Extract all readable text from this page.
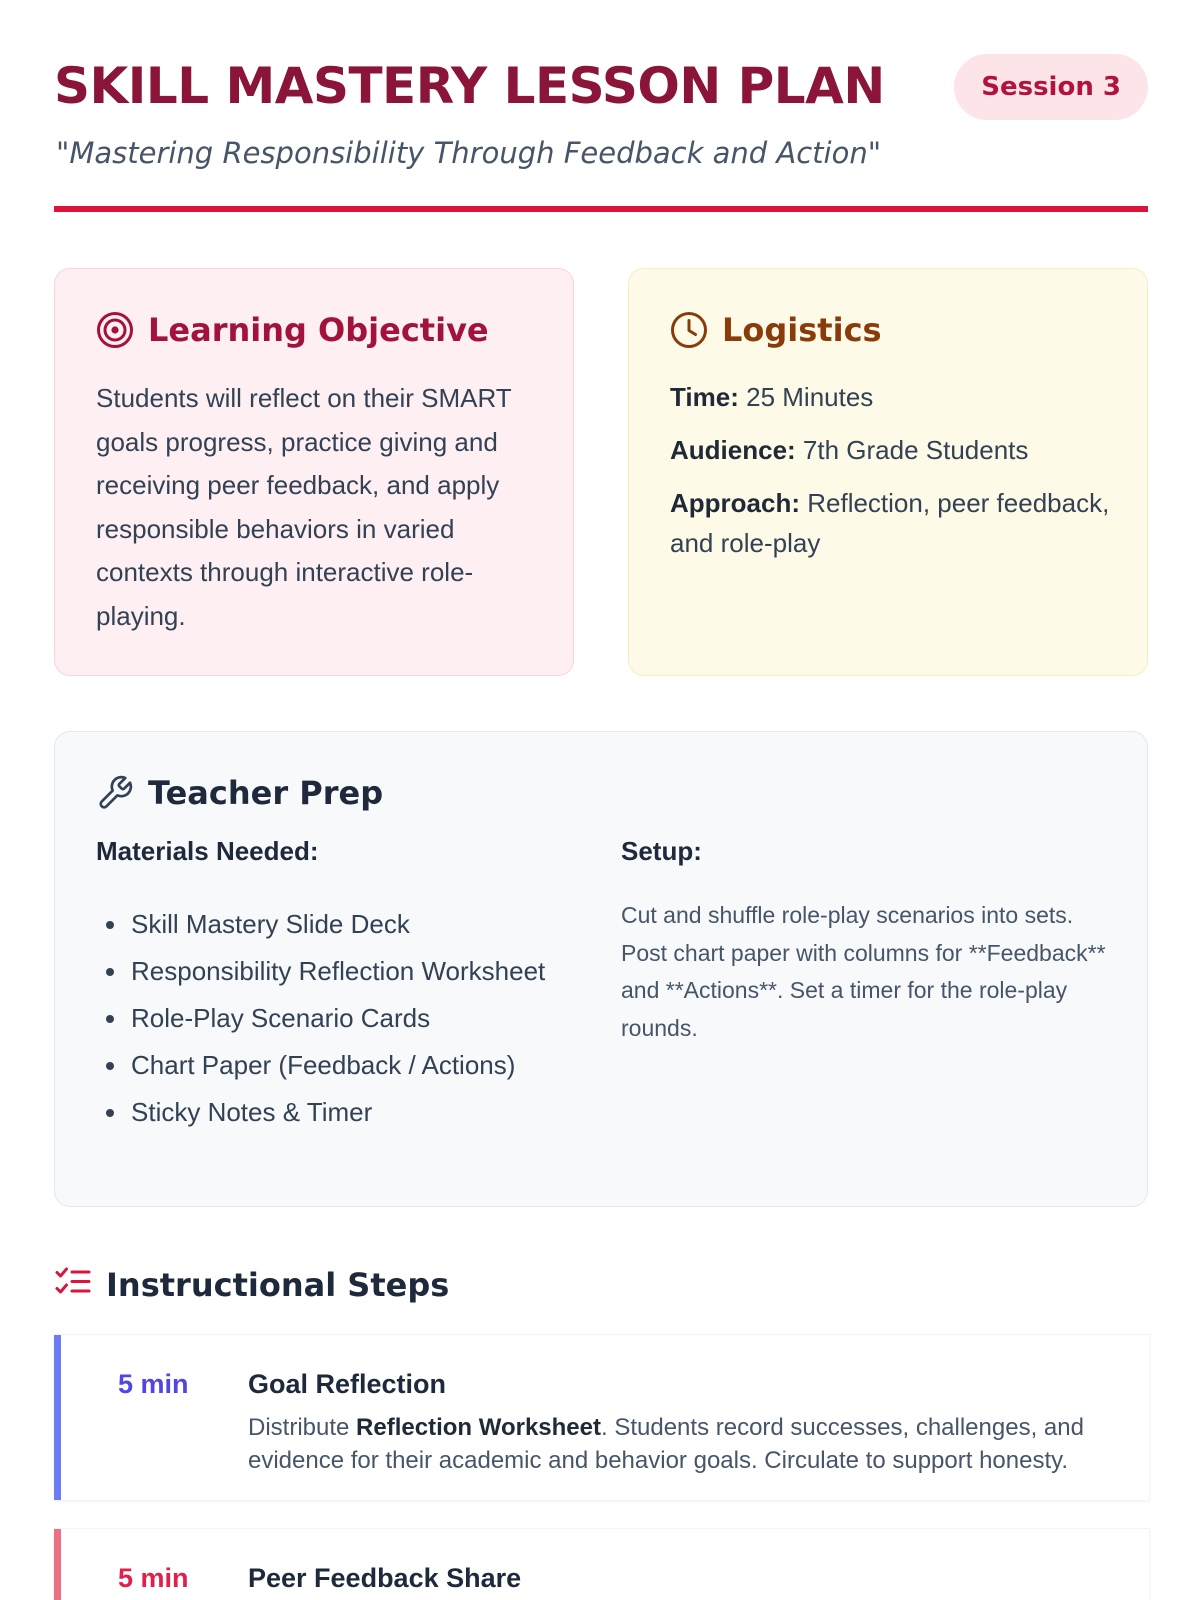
SKILL MASTERY LESSON PLAN	Session 3
"Mastering Responsibility Through Feedback and Action"
Learning Objective

Students will reflect on their SMART goals progress, practice giving and receiving peer feedback, and apply responsible behaviors in varied contexts through interactive role-playing.

Logistics
Time: 25 Minutes
Audience: 7th Grade Students
Approach: Reflection, peer feedback, and role-play
Teacher Prep
Materials Needed:
• Skill Mastery Slide Deck
• Responsibility Reflection Worksheet
• Role-Play Scenario Cards
• Chart Paper (Feedback / Actions)
• Sticky Notes & Timer
Setup:

Cut and shuffle role-play scenarios into sets. Post chart paper with columns for **Feedback** and **Actions**. Set a timer for the role-play rounds.

Instructional Steps
5 min Goal Reflection

Distribute Reflection Worksheet. Students record successes, challenges, and evidence for their academic and behavior goals. Circulate to support honesty.

5 min Peer Feedback Share
